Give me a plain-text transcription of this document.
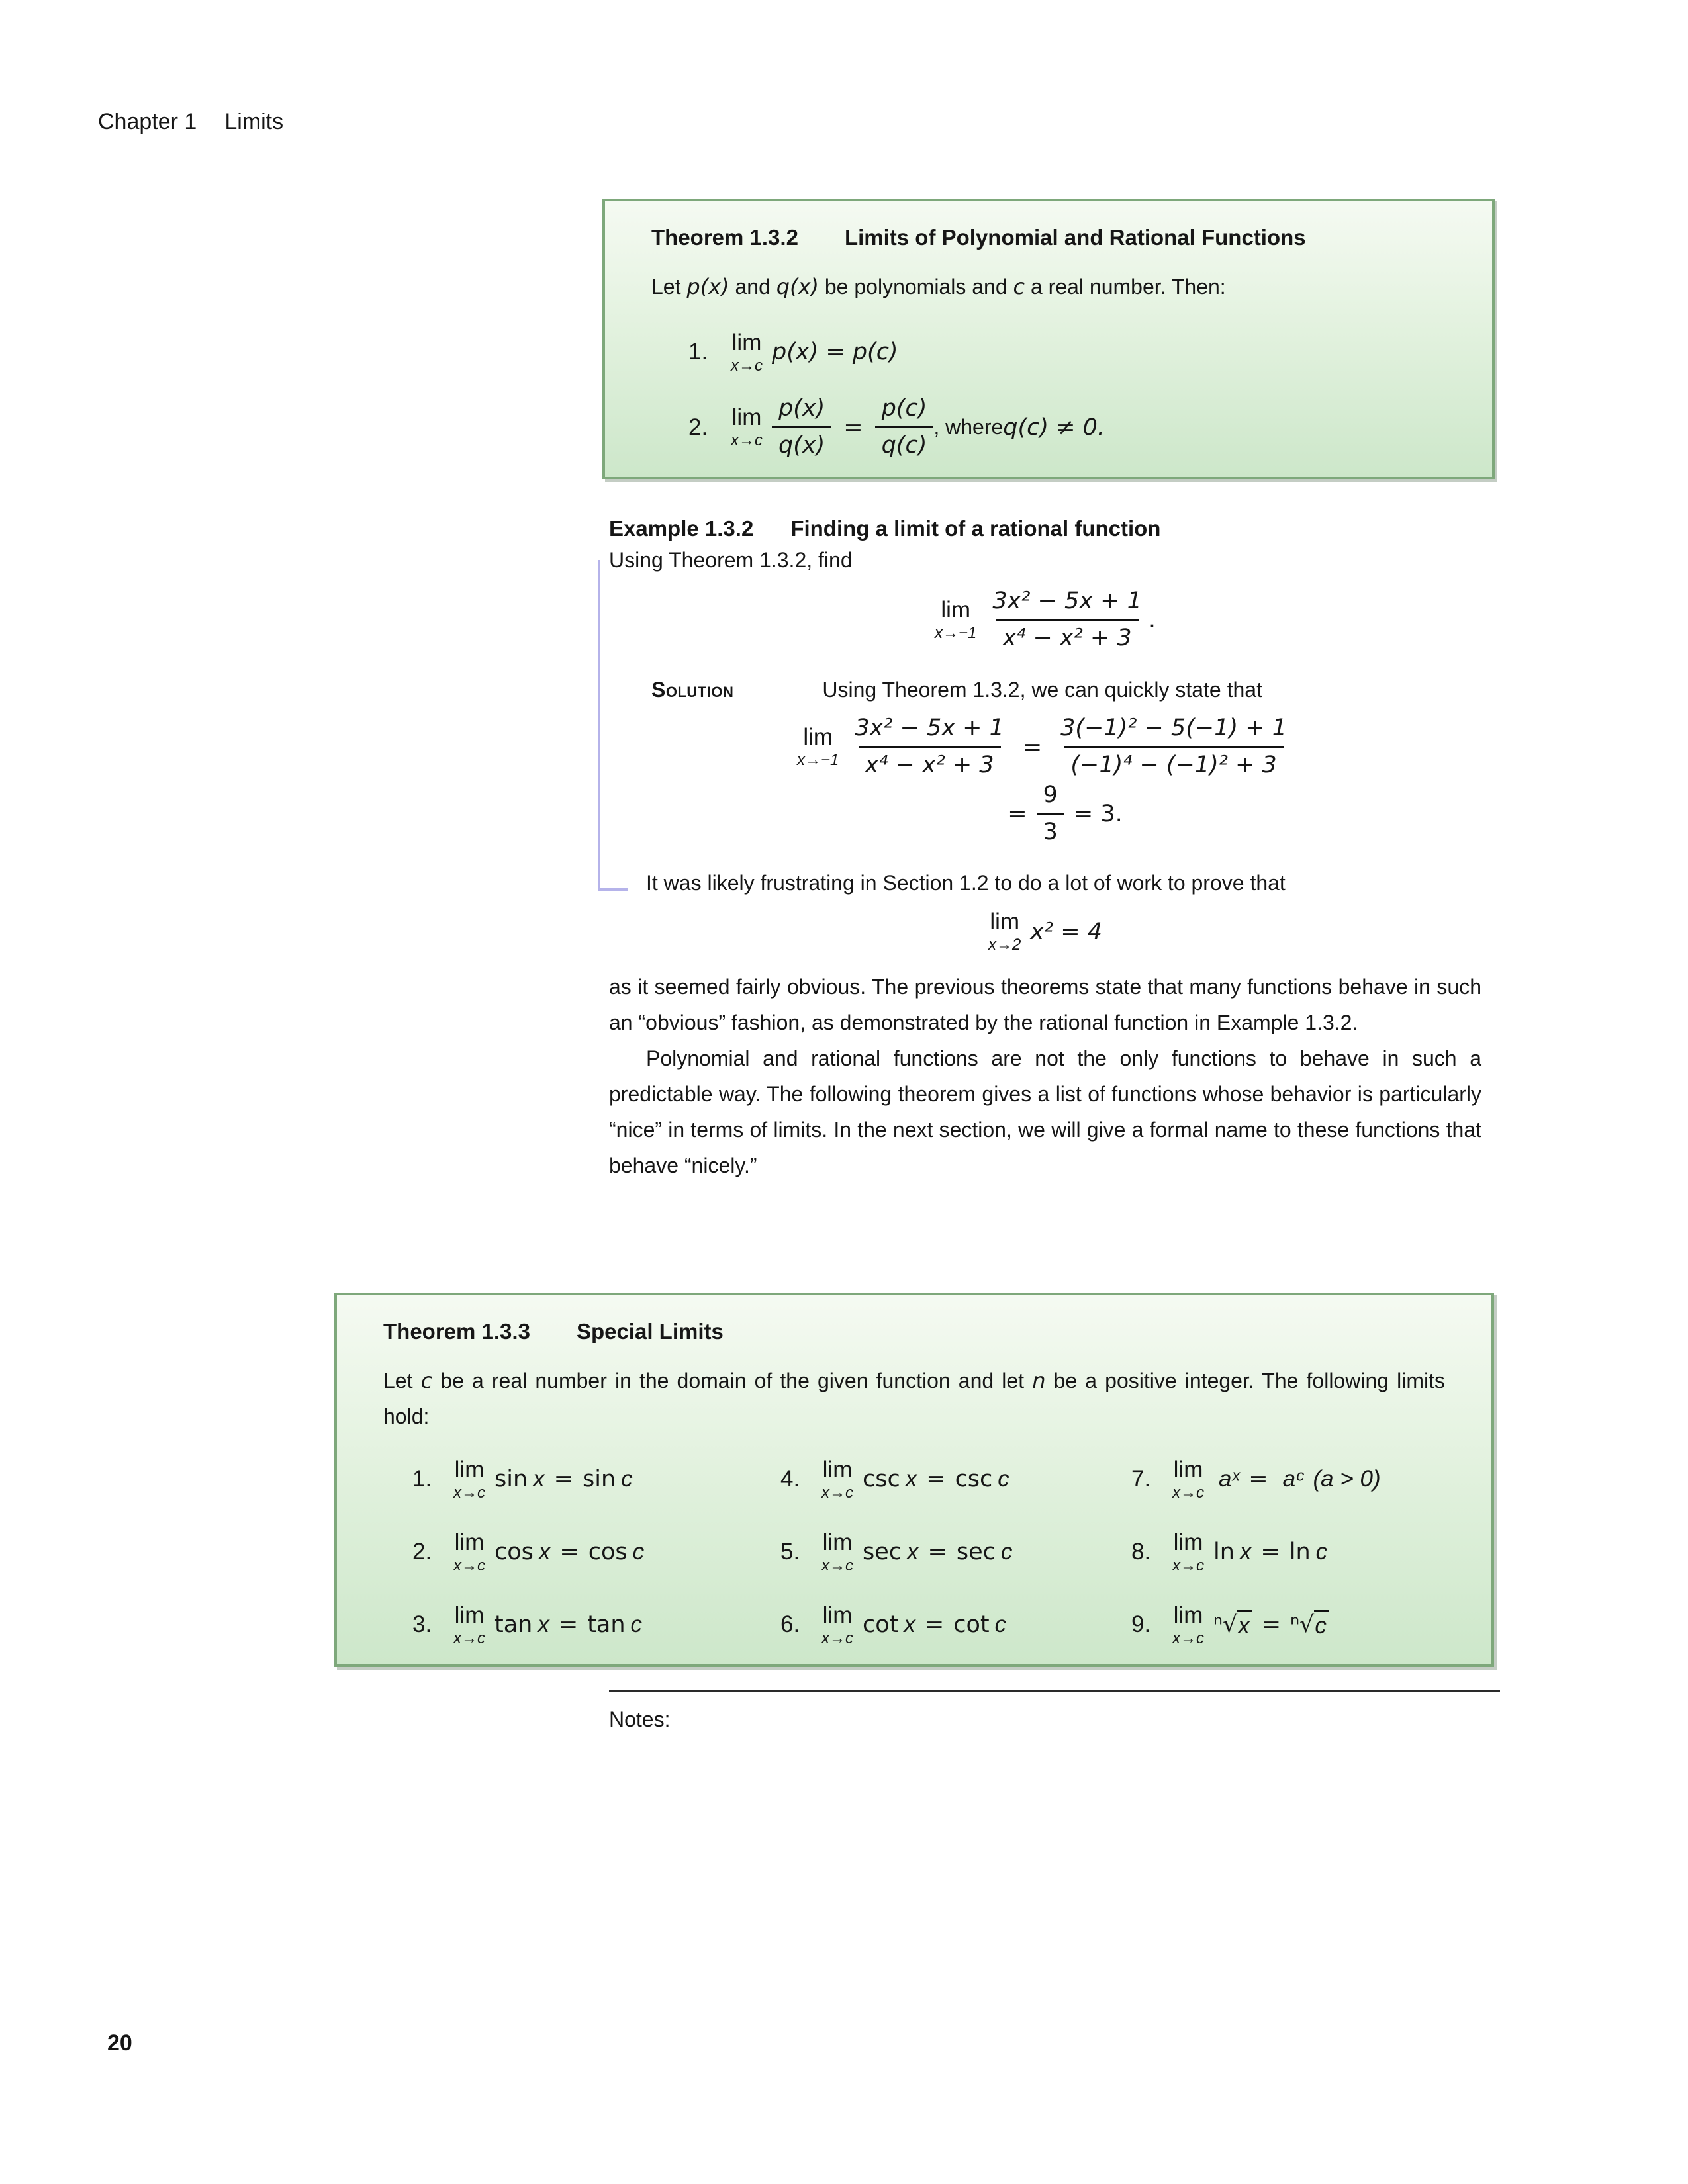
Chapter 1 Limits
Theorem 1.3.2 Limits of Polynomial and Rational Functions
Let p(x) and q(x) be polynomials and c a real number. Then:
1.	lim
x→c p(x) = p(c)
2.	lim
$x\to c \frac{p(x)}{q(x)} = \frac{p(c)}{q(c)}$ , where q(c) ≠ 0.
Example 1.3.2 Finding a limit of a rational function
Using Theorem 1.3.2, find
lim
$x\to-1 \frac{\text{3x² − 5x + 1}}{\text{x⁴ − x² + 3}}$ .
Solution	Using Theorem 1.3.2, we can quickly state that
lim
$x\to-1 \frac{\text{3x² − 5x + 1}}{\text{x⁴ − x² + 3}} = \frac{\text{3(−1)² − 5(−1) + 1}}{\text{(−1)⁴ − (−1)² + 3}}$
= $\frac{9}{3} = 3$.

It was likely frustrating in Section 1.2 to do a lot of work to prove that

lim
x→2 x² = 4

as it seemed fairly obvious. The previous theorems state that many functions behave in such an “obvious” fashion, as demonstrated by the rational function in Example 1.3.2.

Polynomial and rational functions are not the only functions to behave in such a predictable way. The following theorem gives a list of functions whose behavior is particularly “nice” in terms of limits. In the next section, we will give a formal name to these functions that behave “nicely.”

Theorem 1.3.3 Special Limits
Let c be a real number in the domain of the given function and let n be a positive integer. The following limits hold:
1. lim
x→c sin x = sin c
2. lim
x→c cos x = cos c
3. lim
x→c tan x = tan c
4. lim
x→c csc x = csc c
5. lim
x→c sec x = sec c
6. lim
x→c cot x = cot c
7. lim
x→c
aˣ = aᶜ (a > 0)
8. lim
x→c ln x = ln c
9. lim
x→c ⁿ√ x = ⁿ√ c
Notes:
20
